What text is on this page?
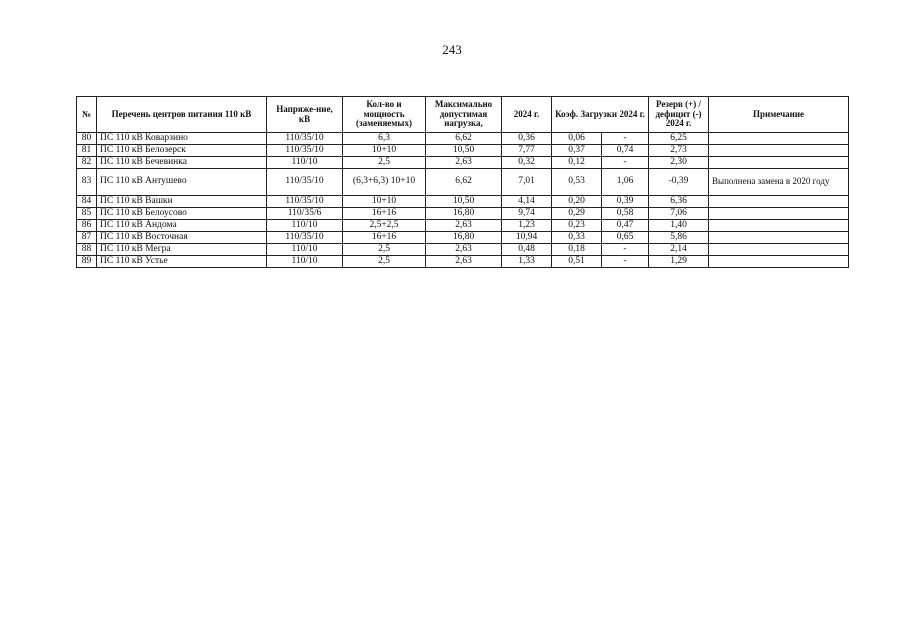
243
№	Перечень центров питания 110 кВ	Напряже-ние, кВ	Кол-во и мощность (заменяемых)	Максимально допустимая нагрузка,	2024 г.	Коэф. Загрузки 2024 г.		Резерв (+) / дефицит (-) 2024 г.	Примечание
80	ПС 110 кВ Коварзино	110/35/10	6,3	6,62	0,36	0,06	-	6,25	
81	ПС 110 кВ Белозерск	110/35/10	10+10	10,50	7,77	0,37	0,74	2,73	
82	ПС 110 кВ Бечевинка	110/10	2,5	2,63	0,32	0,12	-	2,30	
83	ПС 110 кВ Антушево	110/35/10	(6,3+6,3) 10+10	6,62	7,01	0,53	1,06	-0,39	Выполнена замена в 2020 году
84	ПС 110 кВ Вашки	110/35/10	10+10	10,50	4,14	0,20	0,39	6,36	
85	ПС 110 кВ Белоусово	110/35/6	16+16	16,80	9,74	0,29	0,58	7,06	
86	ПС 110 кВ Андома	110/10	2,5+2,5	2,63	1,23	0,23	0,47	1,40	
87	ПС 110 кВ Восточная	110/35/10	16+16	16,80	10,94	0,33	0,65	5,86	
88	ПС 110 кВ Мегра	110/10	2,5	2,63	0,48	0,18	-	2,14	
89	ПС 110 кВ Устье	110/10	2,5	2,63	1,33	0,51	-	1,29	
